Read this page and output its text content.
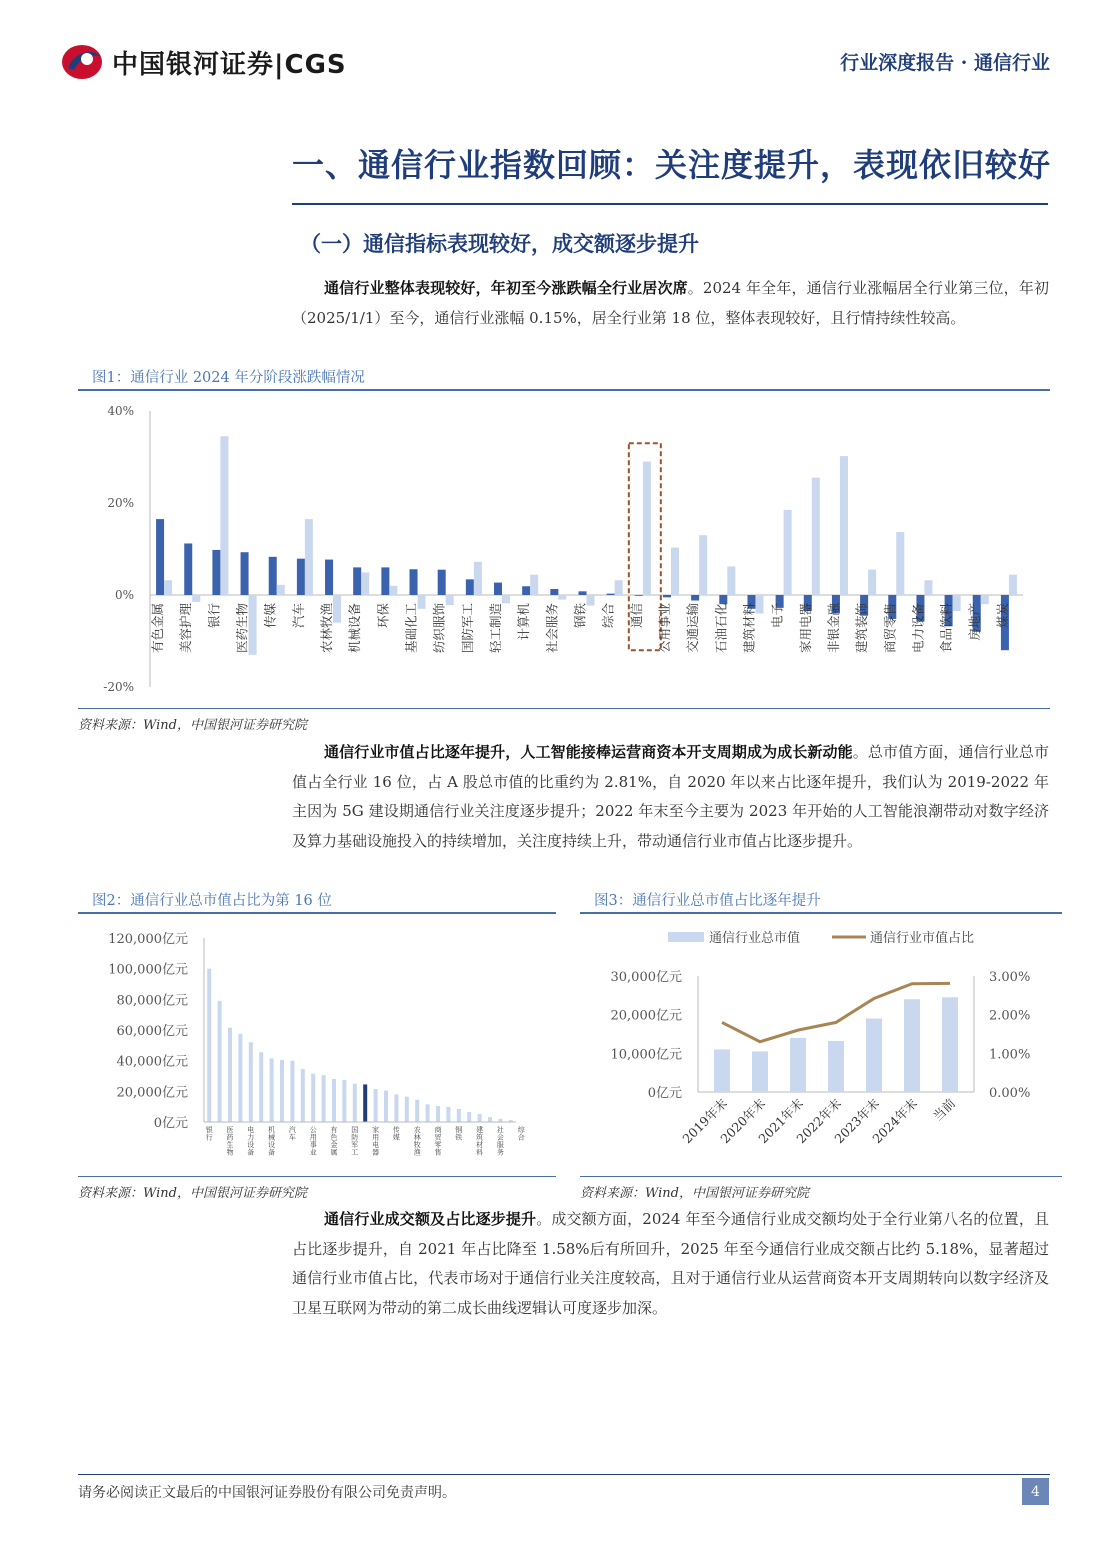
中国银河证券|CGS	行业深度报告 · 通信行业
一、通信行业指数回顾：关注度提升，表现依旧较好
（一）通信指标表现较好，成交额逐步提升
通信行业整体表现较好，年初至今涨跌幅全行业居次席。2024 年全年，通信行业涨幅居全行业第三位，年初（2025/1/1）至今，通信行业涨幅 0.15%，居全行业第 18 位，整体表现较好，且行情持续性较高。
图1：通信行业 2024 年分阶段涨跌幅情况
40%
20%
0%
-20%
有色金属 美容护理 银行 医药生物 传媒 汽车 农林牧渔 机械设备 环保 基础化工 纺织服饰 国防军工 轻工制造 计算机 社会服务 钢铁 综合 通信 公用事业 交通运输 石油石化 建筑材料 电子 家用电器 非银金融 建筑装饰 商贸零售 电力设备 食品饮料 房地产 煤炭
资料来源：Wind，中国银河证券研究院
通信行业市值占比逐年提升，人工智能接棒运营商资本开支周期成为成长新动能。总市值方面，通信行业总市值占全行业 16 位，占 A 股总市值的比重约为 2.81%，自 2020 年以来占比逐年提升，我们认为 2019-2022 年主因为 5G 建设期通信行业关注度逐步提升；2022 年末至今主要为 2023 年开始的人工智能浪潮带动对数字经济及算力基础设施投入的持续增加，关注度持续上升，带动通信行业市值占比逐步提升。
图2：通信行业总市值占比为第 16 位
120,000亿元
100,000亿元
80,000亿元
60,000亿元
40,000亿元
20,000亿元
0亿元	银
行
医
药
生
物
电
力
设
备
机
械
设
备
汽
车
公
用
事
业
有
色
金
属
国
防
军
工
家
用
电
器
传
媒
农
林
牧
渔
商
贸
零
售
钢
铁
建
筑
材
料
社
会
服
务
综
合
资料来源：Wind，中国银河证券研究院
图3：通信行业总市值占比逐年提升
通信行业总市值	通信行业市值占比
30,000亿元
20,000亿元
10,000亿元
0亿元
3.00%
2.00%
1.00%
0.00%
2019年末
2020年末
2021年末
2022年末
2023年末
2024年末 当前
资料来源：Wind，中国银河证券研究院
通信行业成交额及占比逐步提升。成交额方面，2024 年至今通信行业成交额均处于全行业第八名的位置，且占比逐步提升，自 2021 年占比降至 1.58%后有所回升，2025 年至今通信行业成交额占比约 5.18%，显著超过通信行业市值占比，代表市场对于通信行业关注度较高，且对于通信行业从运营商资本开支周期转向以数字经济及卫星互联网为带动的第二成长曲线逻辑认可度逐步加深。
请务必阅读正文最后的中国银河证券股份有限公司免责声明。	4
